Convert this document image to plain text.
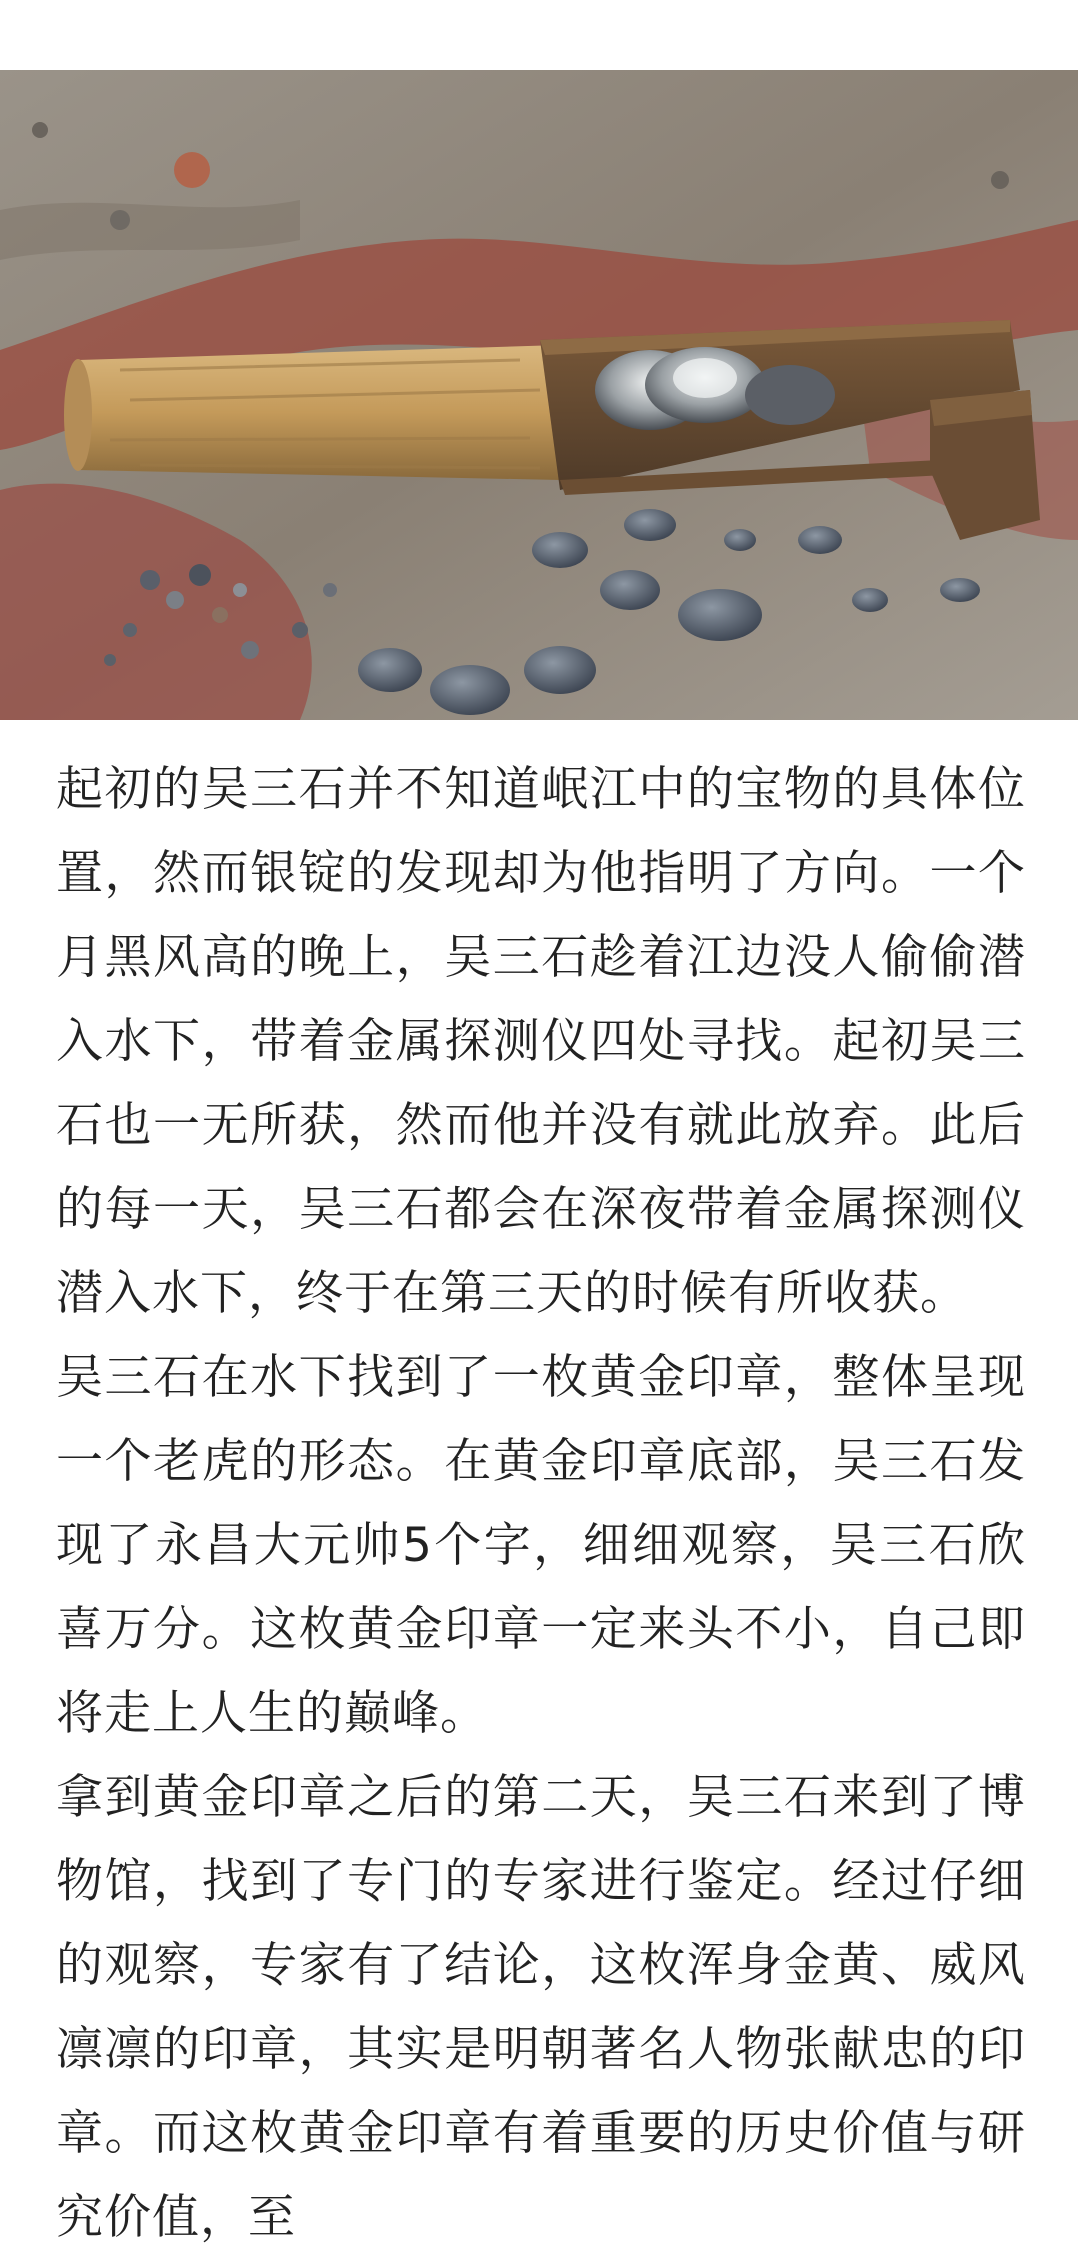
起初的吴三石并不知道岷江中的宝物的具体位置，然而银锭的发现却为他指明了方向。一个月黑风高的晚上，吴三石趁着江边没人偷偷潜入水下，带着金属探测仪四处寻找。起初吴三石也一无所获，然而他并没有就此放弃。此后的每一天，吴三石都会在深夜带着金属探测仪潜入水下，终于在第三天的时候有所收获。

吴三石在水下找到了一枚黄金印章，整体呈现一个老虎的形态。在黄金印章底部，吴三石发现了永昌大元帅5个字，细细观察，吴三石欣喜万分。这枚黄金印章一定来头不小，自己即将走上人生的巅峰。

拿到黄金印章之后的第二天，吴三石来到了博物馆，找到了专门的专家进行鉴定。经过仔细的观察，专家有了结论，这枚浑身金黄、威风凛凛的印章，其实是明朝著名人物张献忠的印章。而这枚黄金印章有着重要的历史价值与研究价值，至
